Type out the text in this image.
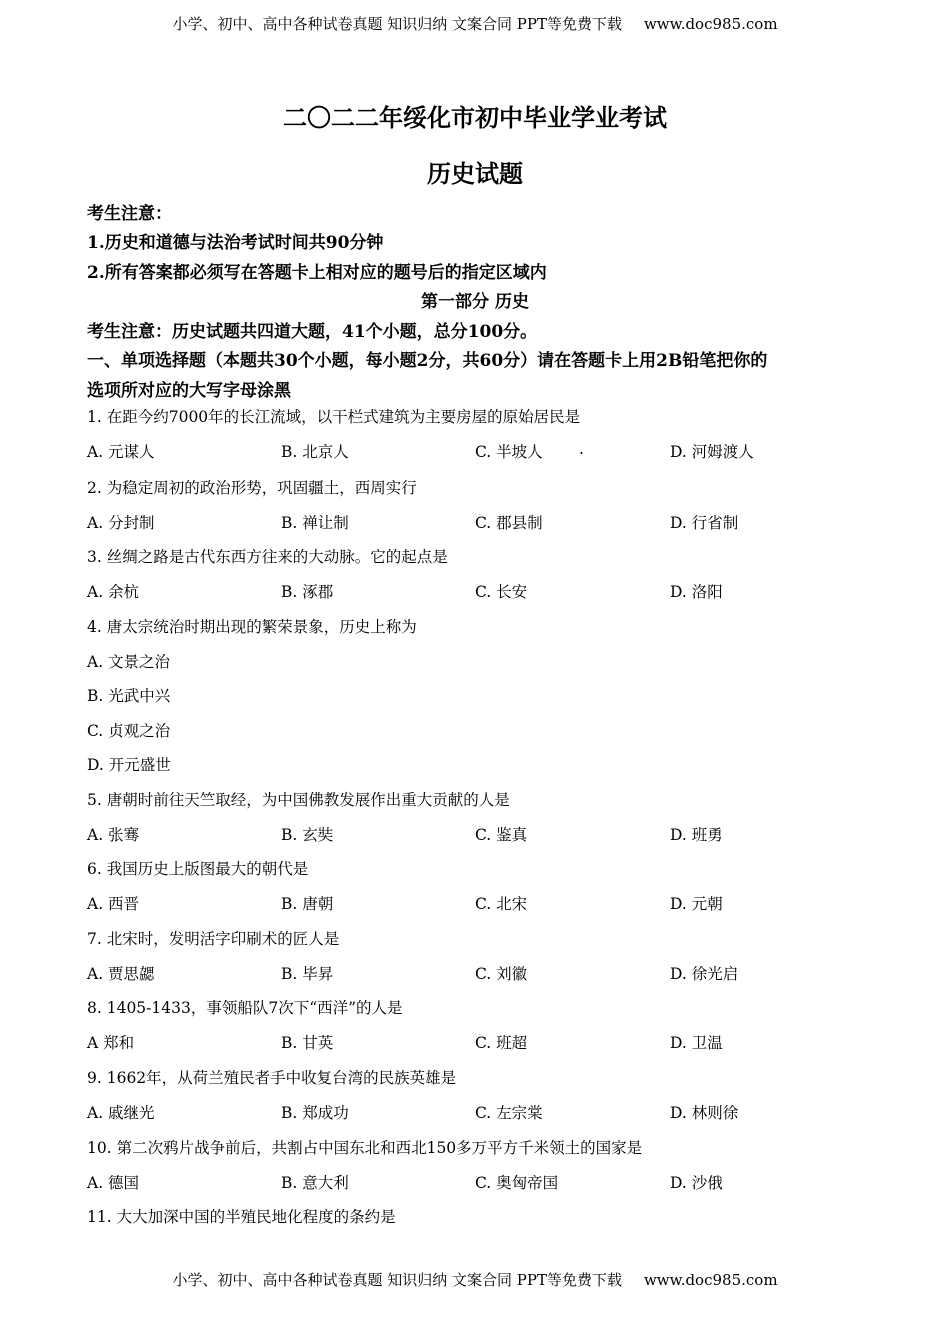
小学、初中、高中各种试卷真题 知识归纳 文案合同 PPT等免费下载 www.doc985.com
二〇二二年绥化市初中毕业学业考试
历史试题
考生注意：
1.历史和道德与法治考试时间共90分钟
2.所有答案都必须写在答题卡上相对应的题号后的指定区域内
第一部分 历史
考生注意：历史试题共四道大题，41个小题，总分100分。
一、单项选择题（本题共30个小题，每小题2分，共60分）请在答题卡上用2B铅笔把你的
选项所对应的大写字母涂黑
1. 在距今约7000年的长江流域，以干栏式建筑为主要房屋的原始居民是
A. 元谋人	B. 北京人	C. 半坡人 .	D. 河姆渡人
2. 为稳定周初的政治形势，巩固疆土，西周实行
A. 分封制	B. 禅让制	C. 郡县制	D. 行省制
3. 丝绸之路是古代东西方往来的大动脉。它的起点是
A. 余杭	B. 涿郡	C. 长安	D. 洛阳
4. 唐太宗统治时期出现的繁荣景象，历史上称为
A. 文景之治
B. 光武中兴
C. 贞观之治
D. 开元盛世
5. 唐朝时前往天竺取经，为中国佛教发展作出重大贡献的人是
A. 张骞	B. 玄奘	C. 鉴真	D. 班勇
6. 我国历史上版图最大的朝代是
A. 西晋	B. 唐朝	C. 北宋	D. 元朝
7. 北宋时，发明活字印刷术的匠人是
A. 贾思勰	B. 毕昇	C. 刘徽	D. 徐光启
8. 1405-1433，事领船队7次下“西洋”的人是
A 郑和	B. 甘英	C. 班超	D. 卫温
9. 1662年，从荷兰殖民者手中收复台湾的民族英雄是
A. 戚继光	B. 郑成功	C. 左宗棠	D. 林则徐
10. 第二次鸦片战争前后，共割占中国东北和西北150多万平方千米领土的国家是
A. 德国	B. 意大利	C. 奥匈帝国	D. 沙俄
11. 大大加深中国的半殖民地化程度的条约是
小学、初中、高中各种试卷真题 知识归纳 文案合同 PPT等免费下载 www.doc985.com
